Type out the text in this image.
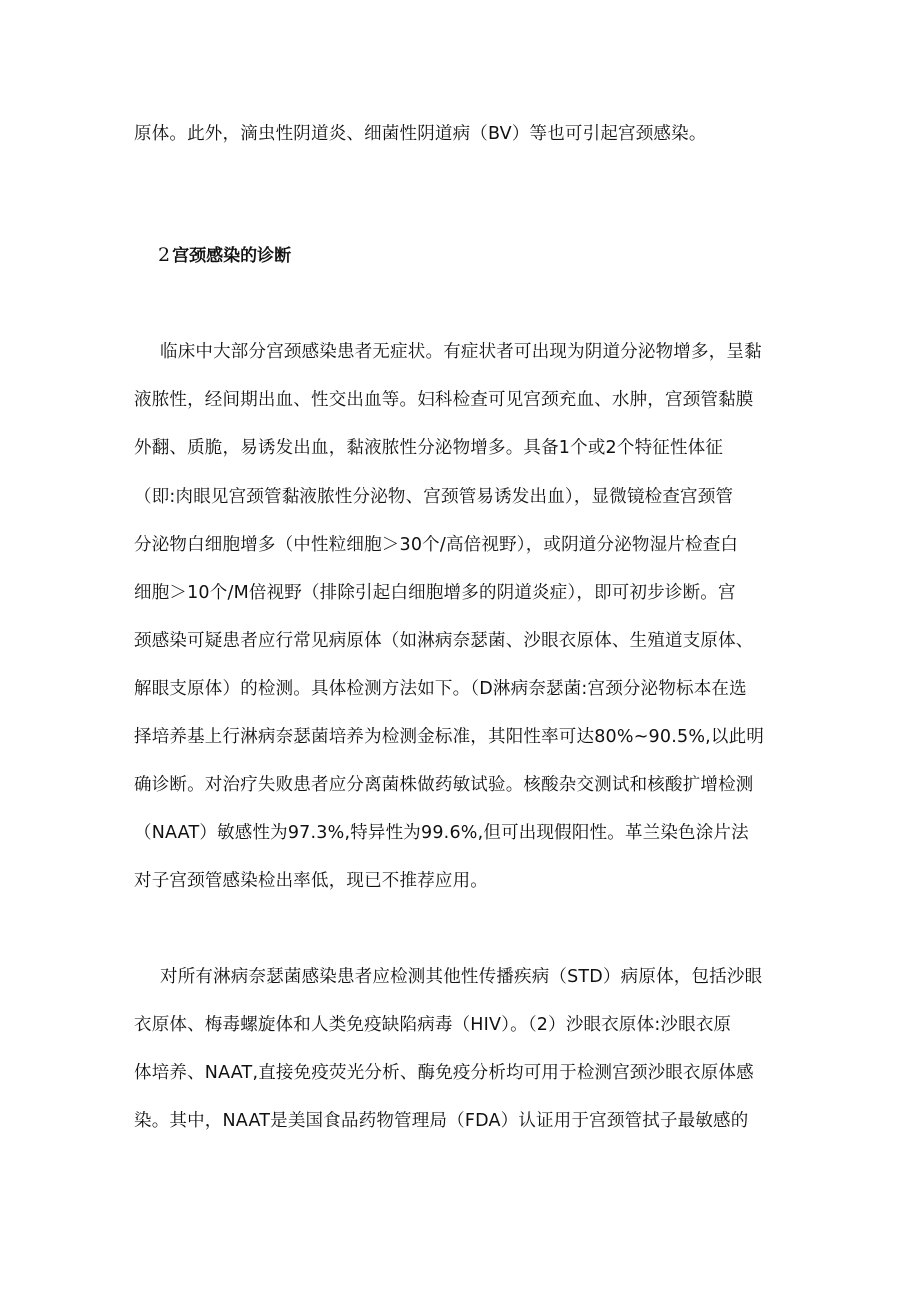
原体。此外，滴虫性阴道炎、细菌性阴道病（BV）等也可引起宫颈感染。
2 宫颈感染的诊断
临床中大部分宫颈感染患者无症状。有症状者可出现为阴道分泌物增多，呈黏
液脓性，经间期出血、性交出血等。妇科检查可见宫颈充血、水肿，宫颈管黏膜
外翻、质脆，易诱发出血，黏液脓性分泌物增多。具备1个或2个特征性体征
（即:肉眼见宫颈管黏液脓性分泌物、宫颈管易诱发出血），显微镜检查宫颈管
分泌物白细胞增多（中性粒细胞＞30个/高倍视野），或阴道分泌物湿片检查白
细胞＞10个/M倍视野（排除引起白细胞增多的阴道炎症），即可初步诊断。宫
颈感染可疑患者应行常见病原体（如淋病奈瑟菌、沙眼衣原体、生殖道支原体、
解眼支原体）的检测。具体检测方法如下。（D淋病奈瑟菌:宫颈分泌物标本在选
择培养基上行淋病奈瑟菌培养为检测金标准，其阳性率可达80%~90.5%,以此明
确诊断。对治疗失败患者应分离菌株做药敏试验。核酸杂交测试和核酸扩增检测
（NAAT）敏感性为97.3%,特异性为99.6%,但可出现假阳性。革兰染色涂片法
对子宫颈管感染检出率低，现已不推荐应用。
对所有淋病奈瑟菌感染患者应检测其他性传播疾病（STD）病原体，包括沙眼
衣原体、梅毒螺旋体和人类免疫缺陷病毒（HIV）。（2）沙眼衣原体:沙眼衣原
体培养、NAAT,直接免疫荧光分析、酶免疫分析均可用于检测宫颈沙眼衣原体感
染。其中，NAAT是美国食品药物管理局（FDA）认证用于宫颈管拭子最敏感的
